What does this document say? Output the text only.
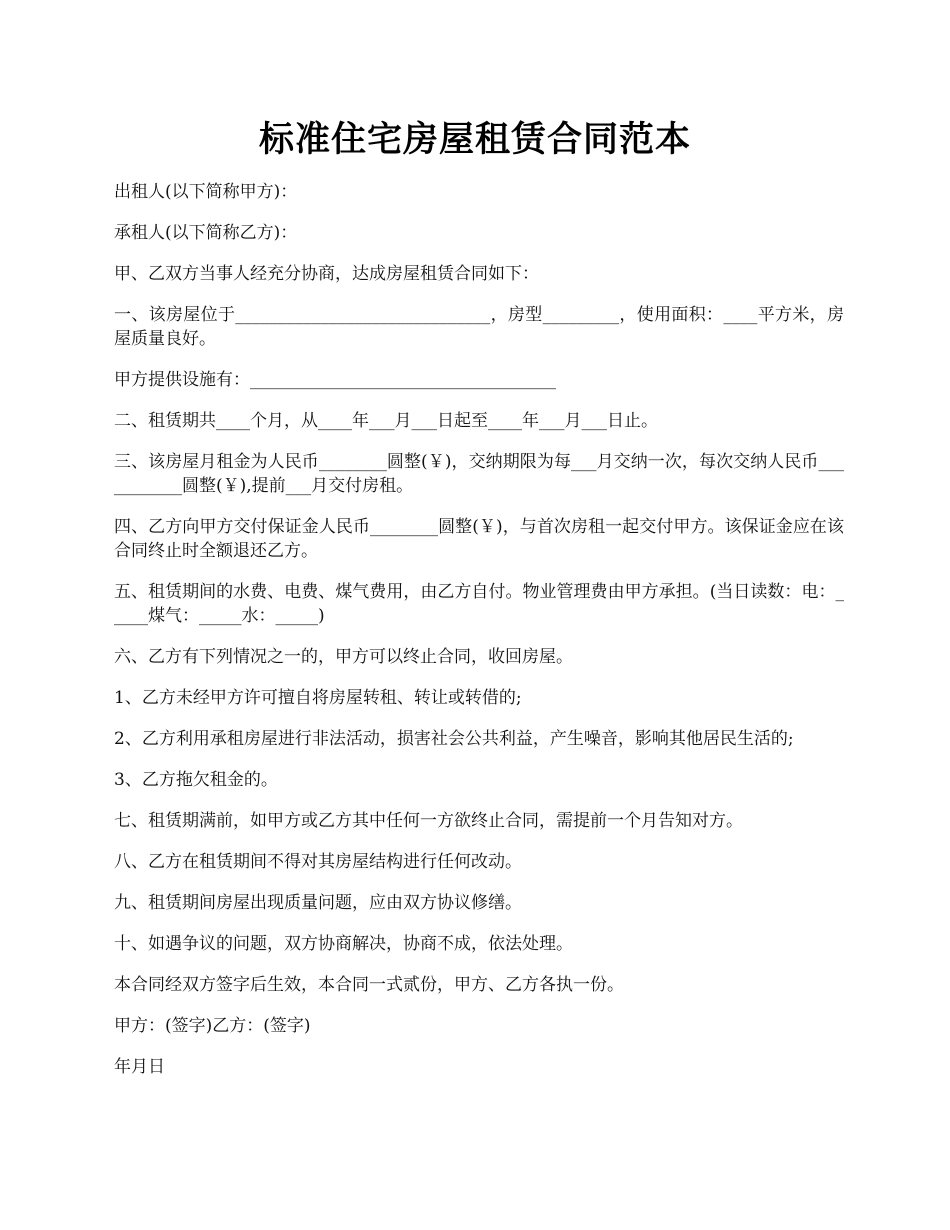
标准住宅房屋租赁合同范本

出租人(以下简称甲方)：

承租人(以下简称乙方)：

甲、乙双方当事人经充分协商，达成房屋租赁合同如下：

一、该房屋位于______________________________，房型_________，使用面积：____平方米，房屋质量良好。

甲方提供设施有：____________________________________

二、租赁期共____个月，从____年___月___日起至____年___月___日止。

三、该房屋月租金为人民币________圆整(￥)，交纳期限为每___月交纳一次，每次交纳人民币___________圆整(￥),提前___月交付房租。

四、乙方向甲方交付保证金人民币________圆整(￥)，与首次房租一起交付甲方。该保证金应在该合同终止时全额退还乙方。

五、租赁期间的水费、电费、煤气费用，由乙方自付。物业管理费由甲方承担。(当日读数：电：_____煤气：_____水：_____)

六、乙方有下列情况之一的，甲方可以终止合同，收回房屋。

1、乙方未经甲方许可擅自将房屋转租、转让或转借的;

2、乙方利用承租房屋进行非法活动，损害社会公共利益，产生噪音，影响其他居民生活的;

3、乙方拖欠租金的。

七、租赁期满前，如甲方或乙方其中任何一方欲终止合同，需提前一个月告知对方。

八、乙方在租赁期间不得对其房屋结构进行任何改动。

九、租赁期间房屋出现质量问题，应由双方协议修缮。

十、如遇争议的问题，双方协商解决，协商不成，依法处理。

本合同经双方签字后生效，本合同一式贰份，甲方、乙方各执一份。

甲方：(签字)乙方：(签字)

年月日
